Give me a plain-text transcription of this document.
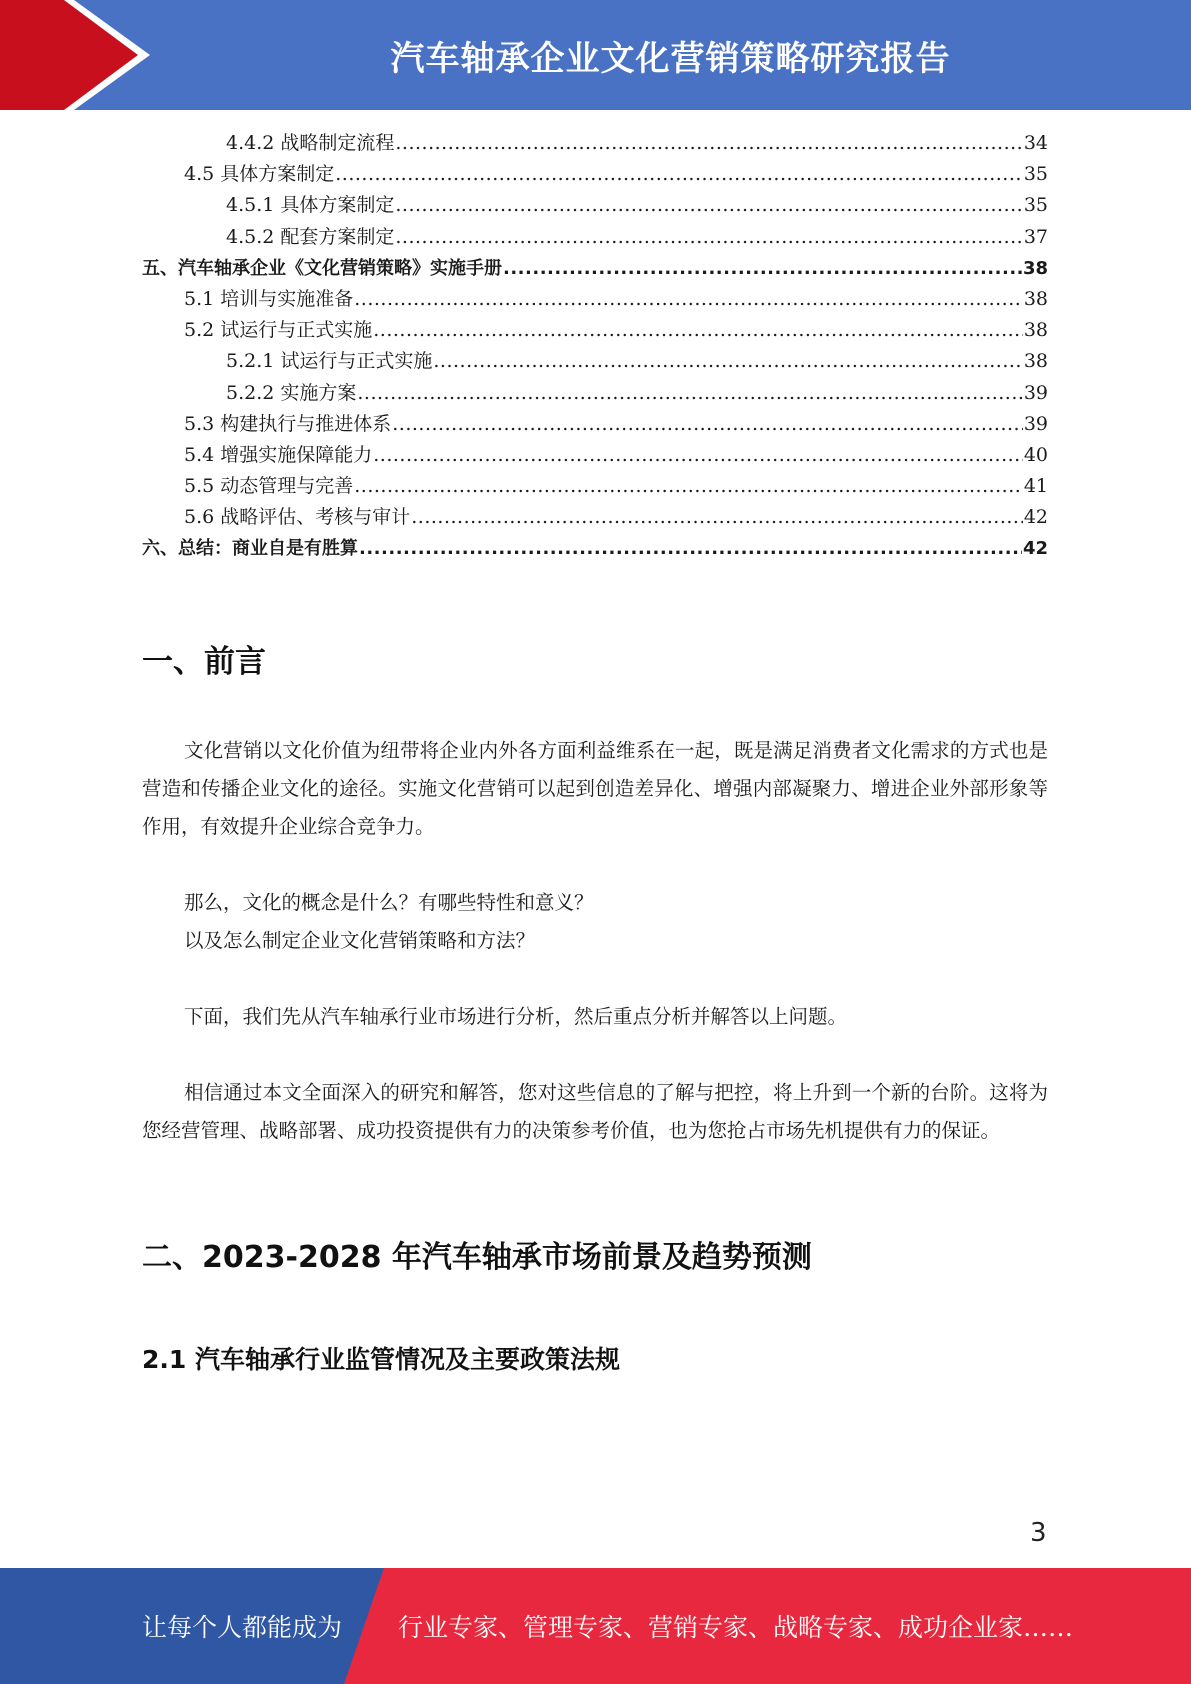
汽车轴承企业文化营销策略研究报告
4.4.2 战略制定流程 .....	34
4.5 具体方案制定 .....	35
4.5.1 具体方案制定 .....	35
4.5.2 配套方案制定 .....	37
五、汽车轴承企业《文化营销策略》实施手册 .....	38
5.1 培训与实施准备 .....	38
5.2 试运行与正式实施 .....	38
5.2.1 试运行与正式实施 .....	38
5.2.2 实施方案 .....	39
5.3 构建执行与推进体系 .....	39
5.4 增强实施保障能力 .....	40
5.5 动态管理与完善 .....	41
5.6 战略评估、考核与审计 .....	42
六、总结：商业自是有胜算 .....	42
一、前言

文化营销以文化价值为纽带将企业内外各方面利益维系在一起，既是满足消费者文化需求的方式也是营造和传播企业文化的途径。实施文化营销可以起到创造差异化、增强内部凝聚力、增进企业外部形象等作用，有效提升企业综合竞争力。

那么，文化的概念是什么？有哪些特性和意义？

以及怎么制定企业文化营销策略和方法？

下面，我们先从汽车轴承行业市场进行分析，然后重点分析并解答以上问题。

相信通过本文全面深入的研究和解答，您对这些信息的了解与把控，将上升到一个新的台阶。这将为您经营管理、战略部署、成功投资提供有力的决策参考价值，也为您抢占市场先机提供有力的保证。

二、2023-2028 年汽车轴承市场前景及趋势预测
2.1 汽车轴承行业监管情况及主要政策法规
3
让每个人都能成为 行业专家、管理专家、营销专家、战略专家、成功企业家……
